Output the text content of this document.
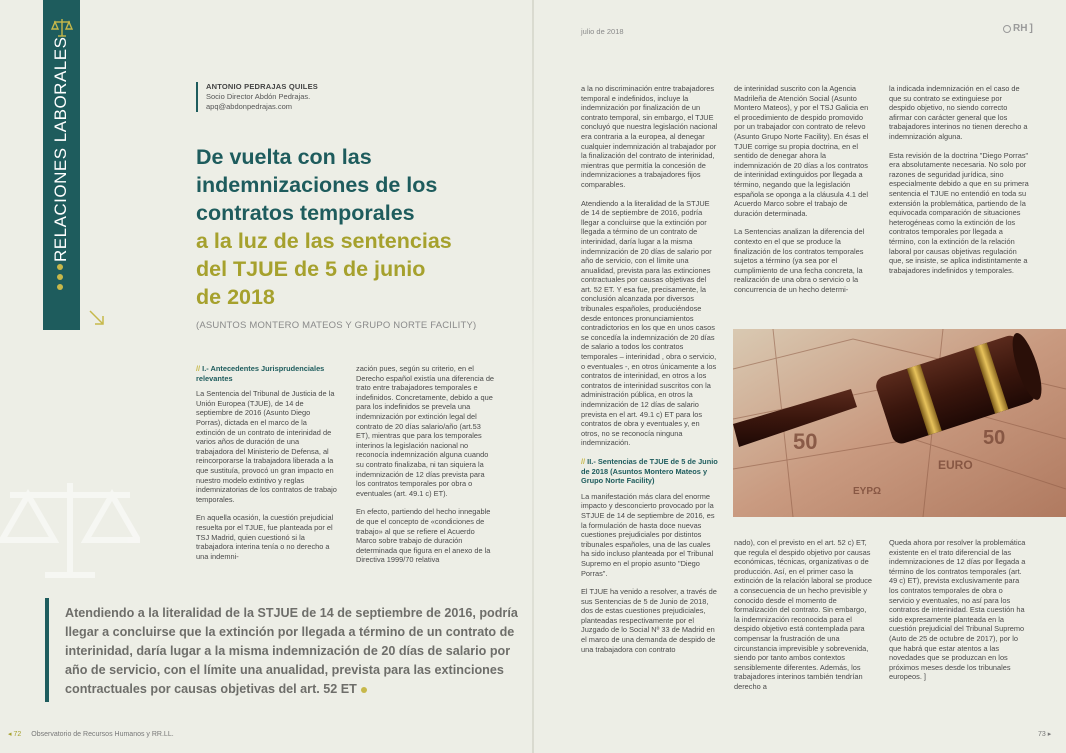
RELACIONES LABORALES	ANTONIO PEDRAJAS QUILES
Socio Director Abdón Pedrajas.
apq@abdonpedrajas.com
De vuelta con las
indemnizaciones de los
contratos temporales
a la luz de las sentencias
del TJUE de 5 de junio
de 2018
(ASUNTOS MONTERO MATEOS Y GRUPO NORTE FACILITY)
// I.- Antecedentes Jurisprudenciales relevantes

La Sentencia del Tribunal de Justicia de la Unión Europea (TJUE), de 14 de septiembre de 2016 (Asunto Diego Porras), dictada en el marco de la extinción de un contrato de interinidad de varios años de duración de una trabajadora del Ministerio de Defensa, al reincorporarse la trabajadora liberada a la que sustituía, provocó un gran impacto en nuestro modelo extintivo y reglas indemnizatorias de los contratos de trabajo temporales.

En aquella ocasión, la cuestión prejudicial resuelta por el TJUE, fue planteada por el TSJ Madrid, quien cuestionó si la trabajadora interina tenía o no derecho a una indemni-

zación pues, según su criterio, en el Derecho español existía una diferencia de trato entre trabajadores temporales e indefinidos. Concretamente, debido a que para los indefinidos se prevela una indemnización por extinción legal del contrato de 20 días salario/año (art.53 ET), mientras que para los temporales interinos la legislación nacional no reconocía indemnización alguna cuando su contrato finalizaba, ni tan siquiera la indemnización de 12 días prevista para los contratos temporales por obra o eventuales (art. 49.1 c) ET).

En efecto, partiendo del hecho innegable de que el concepto de «condiciones de trabajo» al que se refiere el Acuerdo Marco sobre trabajo de duración determinada que figura en el anexo de la Directiva 1999/70 relativa

a la no discriminación entre trabajadores temporal e indefinidos, incluye la indemnización por finalización de un contrato temporal, sin embargo, el TJUE concluyó que nuestra legislación nacional era contraria a la europea, al denegar cualquier indemnización al trabajador por la finalización del contrato de interinidad, mientras que permitía la concesión de indemnizaciones a trabajadores fijos comparables.

Atendiendo a la literalidad de la STJUE de 14 de septiembre de 2016, podría llegar a concluirse que la extinción por llegada a término de un contrato de interinidad, daría lugar a la misma indemnización de 20 días de salario por año de servicio, con el límite una anualidad, prevista para las extinciones contractuales por causas objetivas del art. 52 ET. Y esa fue, precisamente, la conclusión alcanzada por diversos tribunales españoles, produciéndose desde entonces pronunciamientos contradictorios en los que en unos casos se concedía la indemnización de 20 días de salario a todos los contratos temporales – interinidad , obra o servicio, o eventuales -, en otros únicamente a los contratos de interinidad, en otros a los contratos de interinidad suscritos con la administración pública, en otros la indemnización de 12 días de salario prevista en el art. 49.1 c) ET para los contratos de obra y eventuales y, en otros, no se reconocía ninguna indemnización.

// II.- Sentencias de TJUE de 5 de Junio de 2018 (Asuntos Montero Mateos y Grupo Norte Facility)

La manifestación más clara del enorme impacto y desconcierto provocado por la STJUE de 14 de septiembre de 2016, es la formulación de hasta doce nuevas cuestiones prejudiciales por distintos tribunales españoles, una de las cuales ha sido incluso planteada por el Tribunal Supremo en el propio asunto "Diego Porras".

El TJUE ha venido a resolver, a través de sus Sentencias de 5 de Junio de 2018, dos de estas cuestiones prejudiciales, planteadas respectivamente por el Juzgado de lo Social Nº 33 de Madrid en el marco de una demanda de despido de una trabajadora con contrato

de interinidad suscrito con la Agencia Madrileña de Atención Social (Asunto Montero Mateos), y por el TSJ Galicia en el procedimiento de despido promovido por un trabajador con contrato de relevo (Asunto Grupo Norte Facility). En ésas el TJUE corrige su propia doctrina, en el sentido de denegar ahora la indemnización de 20 días a los contratos de interinidad extinguidos por llegada a término, negando que la legislación española se oponga a la cláusula 4.1 del Acuerdo Marco sobre el trabajo de duración determinada.

La Sentencias analizan la diferencia del contexto en el que se produce la finalización de los contratos temporales sujetos a término (ya sea por el cumplimiento de una fecha concreta, la realización de una obra o servicio o la concurrencia de un hecho determi-

la indicada indemnización en el caso de que su contrato se extinguiese por despido objetivo, no siendo correcto afirmar con carácter general que los trabajadores interinos no tienen derecho a indemnización alguna.

Esta revisión de la doctrina "Diego Porras" era absolutamente necesaria. No solo por razones de seguridad jurídica, sino especialmente debido a que en su primera sentencia el TJUE no entendió en toda su extensión la problemática, partiendo de la equivocada comparación de situaciones heterogéneas como la extinción de los contratos temporales por llegada a término, con la extinción de la relación laboral por causas objetivas regulación que, se insiste, se aplica indistintamente a trabajadores indefinidos y temporales.

50	50
EURO
EYPΩ

nado), con el previsto en el art. 52 c) ET, que regula el despido objetivo por causas económicas, técnicas, organizativas o de producción. Así, en el primer caso la extinción de la relación laboral se produce a consecuencia de un hecho previsible y conocido desde el momento de formalización del contrato. Sin embargo, la indemnización reconocida para el despido objetivo está contemplada para compensar la frustración de una circunstancia imprevisible y sobrevenida, siendo por tanto ambos contextos sensiblemente diferentes. Además, los trabajadores interinos también tendrían derecho a

Queda ahora por resolver la problemática existente en el trato diferencial de las indemnizaciones de 12 días por llegada a término de los contratos temporales (art. 49 c) ET), prevista exclusivamente para los contratos temporales de obra o servicio y eventuales, no así para los contratos de interinidad. Esta cuestión ha sido expresamente planteada en la cuestión prejudicial del Tribunal Supremo (Auto de 25 de octubre de 2017), por lo que habrá que estar atentos a las novedades que se produzcan en los próximos meses desde los tribunales europeos. ]

Atendiendo a la literalidad de la STJUE de 14 de septiembre de 2016, podría llegar a concluirse que la extinción por llegada a término de un contrato de interinidad, daría lugar a la misma indemnización de 20 días de salario por año de servicio, con el límite una anualidad, prevista para las extinciones contractuales por causas objetivas del art. 52 ET
julio de 2018	RH ]
◂ 72 Observatorio de Recursos Humanos y RR.LL.	73 ▸
